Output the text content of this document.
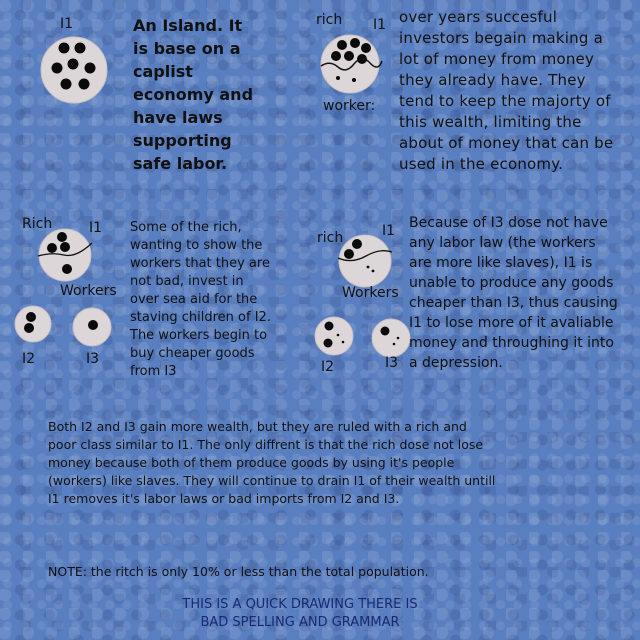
I1	An Island. It
is base on a
caplist
economy and
have laws
supporting
safe labor.
rich I1
worker:
over years succesful
investors begain making a
lot of money from money
they already have. They
tend to keep the majorty of
this wealth, limiting the
about of money that can be
used in the economy.
Rich	I1
Workers
I2	I3
Some of the rich,
wanting to show the
workers that they are
not bad, invest in
over sea aid for the
staving children of I2.
The workers begin to
buy cheaper goods
from I3
rich	I1
Workers
I2	I3
Because of I3 dose not have
any labor law (the workers
are more like slaves), I1 is
unable to produce any goods
cheaper than I3, thus causing
I1 to lose more of it avaliable
money and throughing it into
a depression.
Both I2 and I3 gain more wealth, but they are ruled with a rich and
poor class similar to I1. The only diffrent is that the rich dose not lose
money because both of them produce goods by using it's people
(workers) like slaves. They will continue to drain I1 of their wealth untill
I1 removes it's labor laws or bad imports from I2 and I3.
NOTE: the ritch is only 10% or less than the total population.
THIS IS A QUICK DRAWING THERE IS
BAD SPELLING AND GRAMMAR
